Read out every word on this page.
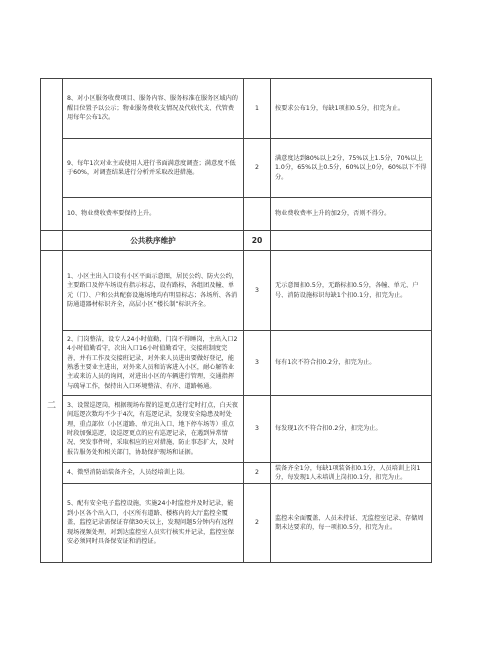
	8、对小区服务收费项目、服务内容、服务标准在服务区域内的醒目位置予以公示；物业服务费收支情况及代收代支、代管费用每年公布1次。	1	按要求公布1分，每缺1项扣0.5分，扣完为止。
	9、每年1次对业主或使用人进行书面满意度调查；满意度不低于60%，对调查结果进行分析并采取改进措施。	2	满意度达到80%以上2分，75%以上1.5分，70%以上1.0分，65%以上0.5分，60%以上0分，60%以下不得分。
	10、物业费收费率要保持上升。		物业费收费率上升的加2分，否则不得分。
	公共秩序维护	20	
二	1、小区主出入口设有小区平面示意图，居民公约、防火公约，主要路口及停车场设有指示标志，设有路标，各组团及幢、单元（门）、户和公共配套设施场地均有明显标志；各场所、各消防通道器材标识齐全，高层小区“楼长制”标识齐全。	3	无示意图扣0.5分，无路标扣0.5分，各幢、单元、户号、消防设施标识每缺1个扣0.1分，扣完为止。
	2、门岗整洁，设专人24小时值勤，门岗不得睡岗，主出入口24小时值勤看守，次出入口16小时值勤看守，交接班制度完善，并有工作及交接班记录，对外来人员进出要做好登记，能熟悉主要业主进出，对外来人员和访客进入小区，耐心解答业主或来访人员的询问，对进出小区的车辆进行管理，交通指挥与疏导工作，保持出入口环境整洁、有序、道路畅通。	3	每有1次不符合扣0.2分，扣完为止。
	3、设置巡逻岗，根据现场布置的巡更点进行定时打点，白天夜间巡逻次数均不少于4次，有巡逻记录，发现安全隐患及时处理，重点部位（小区道路、单元出入口、地下停车场等）重点时段加强巡逻，设巡逻更点的应有巡逻记录，在遇到异常情况、突发事件时，采取相应的应对措施，防止事态扩大，及时报告服务处和相关部门，协助保护现场和证据。	3	每发现1次不符合扣0.2分，扣完为止。
	4、微型消防站装备齐全，人员经培训上岗。	2	装备齐全1分，每缺1项装备扣0.1分，人员培训上岗1分，每发现1人未培训上岗扣0.1分，扣完为止。
	5、配有安全电子监控设施，实施24小时监控并及时记录，能到小区各个出入口，小区所有道路、楼栋内的大厅监控全覆盖，监控记录需保证存储30天以上，发现问题5分钟内有远程现场视频处理，对到达监控室人员实行核实并记录，监控室保安必须同时具备保安证和消控证。	2	监控未全面覆盖、人员未持证、无监控室记录、存储周期未达要求的，每一项扣0.5分，扣完为止。
